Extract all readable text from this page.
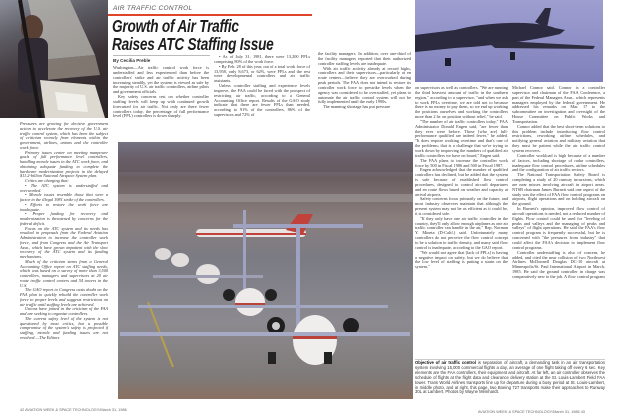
AIR TRAFFIC CONTROL
Growth of Air Traffic
Raises ATC Staffing Issue
By Cecilia Preble

Washington—Air traffic control work force is understaffed and less experienced than before the controllers' strike and air traffic activity has been increasing steadily, yet the system is viewed as safe by the majority of U.S. air traffic controllers, airline pilots and government officials.

Key safety concerns rest on whether controller staffing levels will keep up with continued growth forecasted for air traffic. Not only are there fewer controllers today, the percentage of full performance level (FPL) controllers is down sharply:

• As of July 31, 1981, there were 13,200 FPLs comprising 80% of the work force.

• By Feb. 28 of this year, out of a total work force of 13,958, only 8,673, or 62%, were FPLs and the rest were developmental controllers and air traffic assistants.

Unless controller staffing and experience levels improve, the FAA could be faced with the prospect of restricting air traffic, according to a General Accounting Office report. Results of the GAO study indicate that there are fewer FPLs than needed, according to 91% of the controllers, 86% of the supervisors and 72% of

the facility managers. In addition, over one-third of the facility managers reported that their authorized controller staffing levels are inadequate.

With air traffic activity already at record highs, controllers and their supervisors—particularly at en route centers—believe they are overworked during peak periods. The FAA does not intend to restore its controller work force to prestrike levels when the agency was considered to be overstaffed, yet plans to automate the air traffic control system will not be fully implemented until the early 1990s.

The manning shortage has put pressure

Pressures are growing for decisive government action to accelerate the recovery of the U.S. air traffic control system, which has been the subject of criticism recently from elements within the government, airlines, unions and the controller work force.

Primary issues center on meeting manpower goals of full performance level controllers, handling morale issues in the ATC work force, and obtaining adequate funding to complete the hardware modernization projects in the delayed $11.2-billion National Airspace System plan.

Critics are charging that:

• The ATC system is understaffed and overworked.

• Morale issues resemble those that were a factor in the illegal 1981 strike of the controllers.

• Efforts to restore the work force are inadequate.

• Proper funding for recovery and modernization is threatened by concerns for the federal deficit.

Focus on the ATC system and its needs has resulted in proposals from the Federal Aviation Administration to increase the controller work force, and from Congress and the Air Transport Assn., which have grown impatient with the slow recovery of the ATC system and its funding mechanisms.

Much of the criticism stems from a General Accounting Office report on ATC staffing needs, which was based on a survey of more than 3,500 controllers, managers and supervisors at 20 air route traffic control centers and 54 towers in the U.S.

The GAO report to Congress casts doubt on the FAA plan to quickly rebuild the controller work force to proper levels and suggests restrictions on air traffic until staffing levels are achieved.

Unions have joined in the criticism of the FAA and are seeking to organize controllers.

The current safety level of the system is not questioned by most critics, but a possible compromise of the system's safety is projected if staffing, morale and funding issues are not resolved.—The Editors

42 AVIATION WEEK & SPACE TECHNOLOGY/March 31, 1986

on supervisors as well as controllers. "We are running the third heaviest amount of traffic in the southern region," according to a supervisor, "and when we ask to work FPLs overtime, we are told not to because there is no money to pay them, so we end up working the positions ourselves and working the controllers more than 2 hr. on position without relief," he said.

"The number of air traffic controllers today," FAA Administrator Donald Engen said, "are fewer than they ever were before. Those [who are] full-performance qualified are indeed fewer," he added. "It does require working overtime and that's one of the problems; that is a challenge that we're trying to work down by improving the numbers of qualified air traffic controllers we have on board," Engen said.

The FAA plans to increase the controller work force by 500 in Fiscal 1986 and 500 in Fiscal 1987.

Engen acknowledged that the number of qualified controllers has declined, but he added that the system is safe because of established flow control procedures, designed to control aircraft departures and en route flows based on weather and capacity at arrival airports.

Safety concerns focus primarily on the future, and most industry observers maintain that although the present system may not be as efficient as it could be, it is considered safe.

"If they only have one air traffic controller in the country, they'll only allow enough airplanes as one air traffic controller can handle in the air," Rep. Norman Y. Mineta (D-Calif.) said. Unfortunately many controllers do not perceive the flow control concept to be a solution to traffic density, and many said flow control is inadequate, according to the GAO report.

"We would not agree that [lack of FPLs] is having a negative impact on safety, but we do believe that the low level of staffing is putting a strain on the system,"

Michael Connor said. Connor is a controller supervisor and chairman of the FAA Conference, a part of the Federal Managers Assn., which represents managers employed by the federal government. He addressed his remarks on Mar. 17 to the subcommittee on investigation and oversight of the House Committee on Public Works and Transportation.

Connor added that the best short-term solutions to this problem include introducing flow control restrictions, reworking airline schedules, and notifying general aviation and military aviation that they must be patient while the air traffic control system recovers.

Controller workload is high because of a number of factors, including shortage of radar controllers, inadequate flow control procedures, airline schedules and the configuration of air traffic sectors.

The National Transportation Safety Board is completing a study of 20 runway incursions, which are near misses involving aircraft in airport areas. NTSB chairman James Burnett said one aspect of the study was the effect of FAA flow control programs on airports, flight operations and on holding aircraft on the ground.

In Burnett's opinion, improved flow control of aircraft operations is needed, not a reduced number of flights. Flow control could be used for "leveling of peaks and valleys and the managing of peaks and valleys" of flight operations. He said the FAA's flow control program is frequently successful, but he is concerned with "the pressures from industry" that could affect the FAA's decision to implement flow control programs.

Controller understaffing is also of concern, he added, and cited the near collision of two Northwest Airlines McDonnell Douglas DC-10 aircraft at Minneapolis/St. Paul International Airport in March, 1985. He said the ground controller in charge was comparatively new to the job. A flow control program

Objective of air traffic control is separation of aircraft, a demanding task in an air transportation system involving 15,000 commercial flights a day, an average of one flight taking off every 6 sec. Key elements are the FAA controllers, their equipment and aircraft. At far left, an air controller observes the schedule of flights at the flight data and clearance delivery station at the St. Louis-Lambert Field FAA tower. Trans World Airlines transports line up for departure during a busy period at St. Louis-Lambert, in middle photo, and at right, this page, two Boeing 727 transports make their approaches to Runway 30L at Lambert. Photos by Wayne Meinhardt.
AVIATION WEEK & SPACE TECHNOLOGY/March 31, 1986 43
